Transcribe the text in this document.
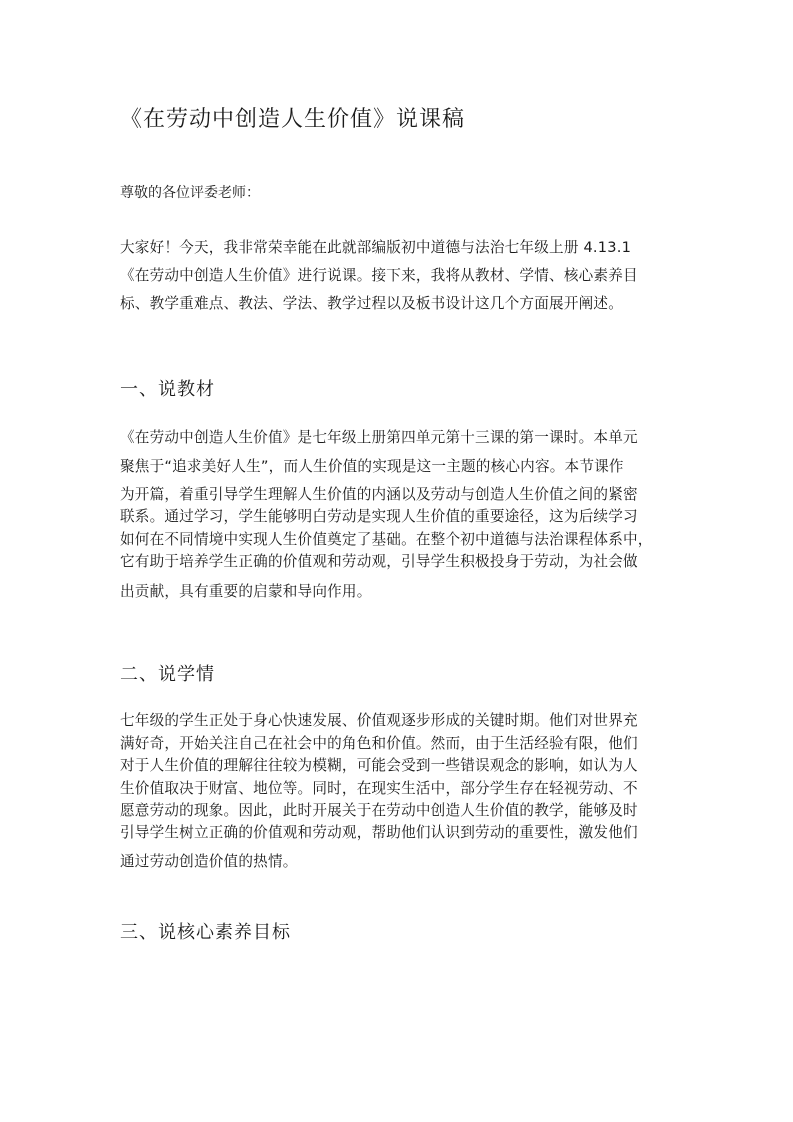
《在劳动中创造人生价值》说课稿

尊敬的各位评委老师：

大家好！今天，我非常荣幸能在此就部编版初中道德与法治七年级上册 4.13.1

《在劳动中创造人生价值》进行说课。接下来，我将从教材、学情、核心素养目

标、教学重难点、教法、学法、教学过程以及板书设计这几个方面展开阐述。

一、说教材

《在劳动中创造人生价值》是七年级上册第四单元第十三课的第一课时。本单元

聚焦于“追求美好人生”，而人生价值的实现是这一主题的核心内容。本节课作

为开篇，着重引导学生理解人生价值的内涵以及劳动与创造人生价值之间的紧密

联系。通过学习，学生能够明白劳动是实现人生价值的重要途径，这为后续学习

如何在不同情境中实现人生价值奠定了基础。在整个初中道德与法治课程体系中，

它有助于培养学生正确的价值观和劳动观，引导学生积极投身于劳动，为社会做

出贡献，具有重要的启蒙和导向作用。

二、说学情

七年级的学生正处于身心快速发展、价值观逐步形成的关键时期。他们对世界充

满好奇，开始关注自己在社会中的角色和价值。然而，由于生活经验有限，他们

对于人生价值的理解往往较为模糊，可能会受到一些错误观念的影响，如认为人

生价值取决于财富、地位等。同时，在现实生活中，部分学生存在轻视劳动、不

愿意劳动的现象。因此，此时开展关于在劳动中创造人生价值的教学，能够及时

引导学生树立正确的价值观和劳动观，帮助他们认识到劳动的重要性，激发他们

通过劳动创造价值的热情。

三、说核心素养目标
